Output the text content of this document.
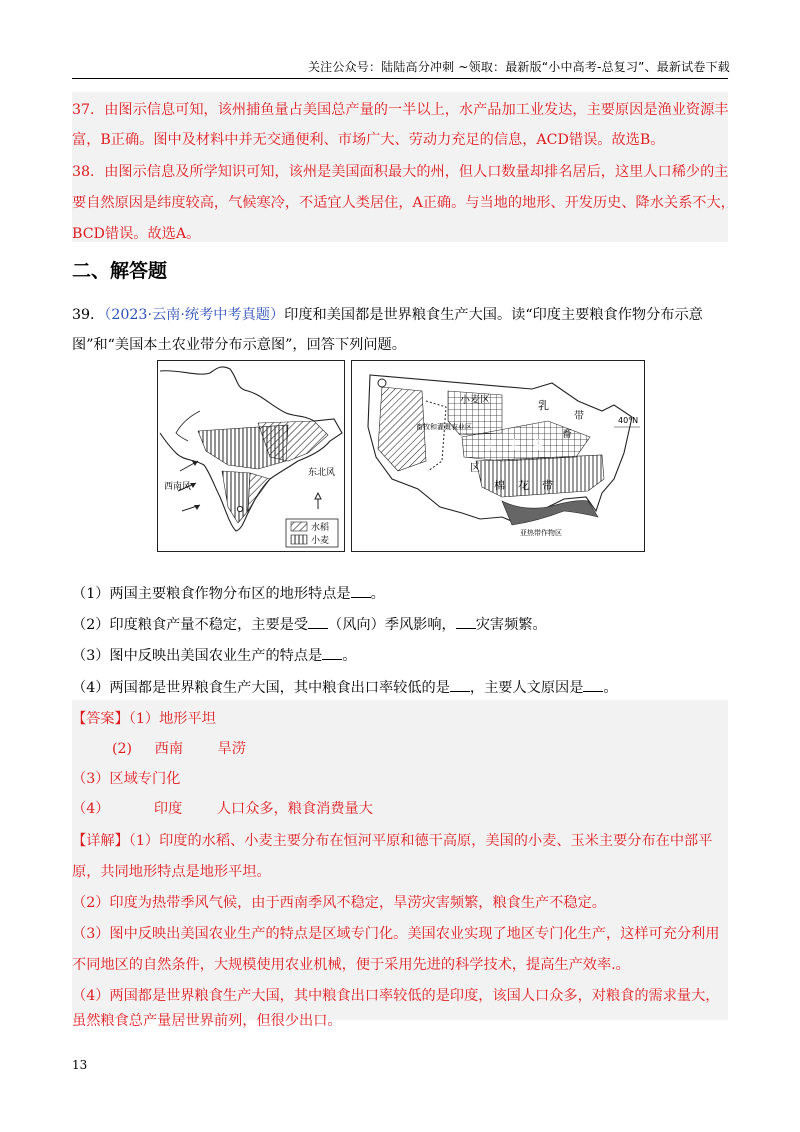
关注公众号：陆陆高分冲刺 ~领取：最新版“小中高考-总复习”、最新试卷下载
37．由图示信息可知，该州捕鱼量占美国总产量的一半以上，水产品加工业发达，主要原因是渔业资源丰
富，B正确。图中及材料中并无交通便利、市场广大、劳动力充足的信息，ACD错误。故选B。
38．由图示信息及所学知识可知，该州是美国面积最大的州，但人口数量却排名居后，这里人口稀少的主
要自然原因是纬度较高，气候寒冷，不适宜人类居住，A正确。与当地的地形、开发历史、降水关系不大，
BCD错误。故选A。
二、解答题
39．（2023·云南·统考中考真题）印度和美国都是世界粮食生产大国。读“印度主要粮食作物分布示意
图”和“美国本土农业带分布示意图”，回答下列问题。
水稻
小麦
西南风
东北风
40°N
小麦区	乳
畜
玉 米 带
棉 花 带
畜牧和灌溉农业区
亚热带作物区
区
带
（1）两国主要粮食作物分布区的地形特点是 。
（2）印度粮食产量不稳定，主要是受 （风向）季风影响， 灾害频繁。
（3）图中反映出美国农业生产的特点是 。
（4）两国都是世界粮食生产大国，其中粮食出口率较低的是 ，主要人文原因是 。
【答案】（1）地形平坦
(2) 西南 旱涝
（3）区域专门化
（4）	印度 人口众多，粮食消费量大
【详解】（1）印度的水稻、小麦主要分布在恒河平原和德干高原，美国的小麦、玉米主要分布在中部平
原，共同地形特点是地形平坦。
（2）印度为热带季风气候，由于西南季风不稳定，旱涝灾害频繁，粮食生产不稳定。
（3）图中反映出美国农业生产的特点是区域专门化。美国农业实现了地区专门化生产，这样可充分利用
不同地区的自然条件，大规模使用农业机械，便于采用先进的科学技术，提高生产效率.。
（4）两国都是世界粮食生产大国，其中粮食出口率较低的是印度，该国人口众多，对粮食的需求量大，
虽然粮食总产量居世界前列，但很少出口。
13
